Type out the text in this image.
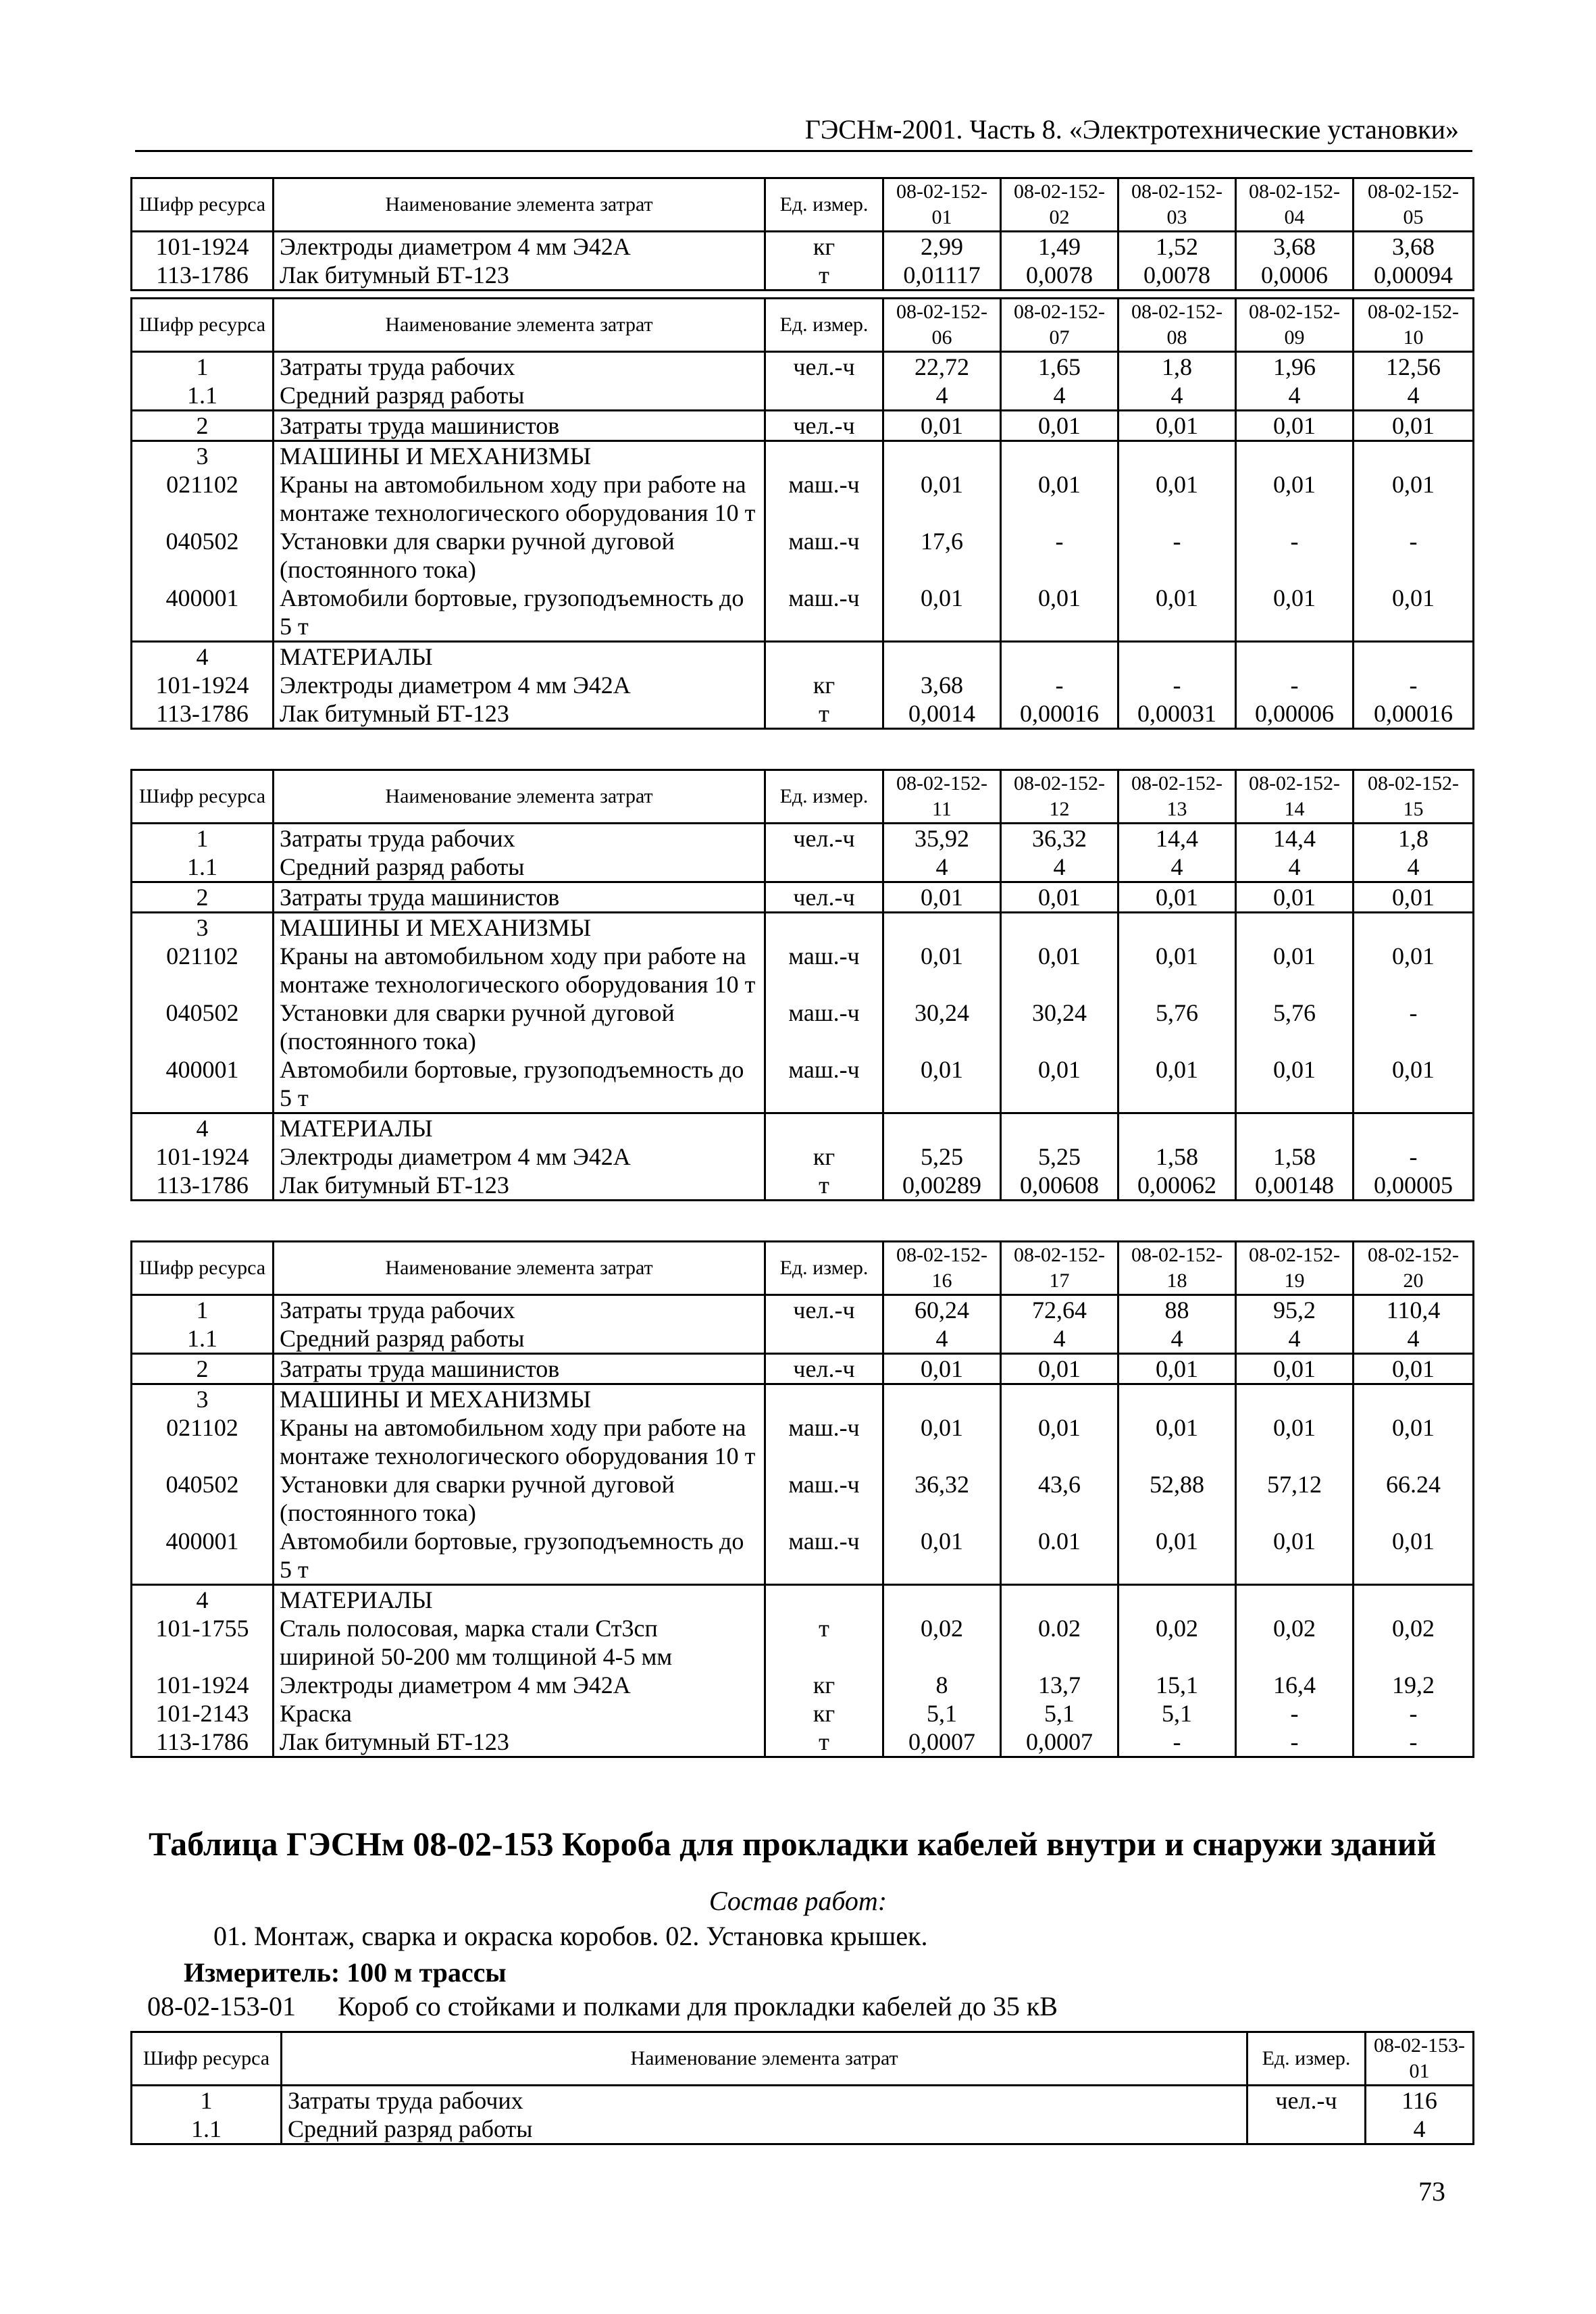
ГЭСНм-2001. Часть 8. «Электротехнические установки»
Шифр ресурса	Наименование элемента затрат	Ед. измер.	08-02-152-01	08-02-152-02	08-02-152-03	08-02-152-04	08-02-152-05
101-1924	Электроды диаметром 4 мм Э42А	кг	2,99	1,49	1,52	3,68	3,68
113-1786	Лак битумный БТ-123	т	0,01117	0,0078	0,0078	0,0006	0,00094
Шифр ресурса	Наименование элемента затрат	Ед. измер.	08-02-152-06	08-02-152-07	08-02-152-08	08-02-152-09	08-02-152-10
1	Затраты труда рабочих	чел.-ч	22,72	1,65	1,8	1,96	12,56
1.1	Средний разряд работы		4	4	4	4	4
2	Затраты труда машинистов	чел.-ч	0,01	0,01	0,01	0,01	0,01
3	МАШИНЫ И МЕХАНИЗМЫ						
021102	Краны на автомобильном ходу при работе на монтаже технологического оборудования 10 т	маш.-ч	0,01	0,01	0,01	0,01	0,01
040502	Установки для сварки ручной дуговой (постоянного тока)	маш.-ч	17,6	-	-	-	-
400001	Автомобили бортовые, грузоподъемность до 5 т	маш.-ч	0,01	0,01	0,01	0,01	0,01
4	МАТЕРИАЛЫ						
101-1924	Электроды диаметром 4 мм Э42А	кг	3,68	-	-	-	-
113-1786	Лак битумный БТ-123	т	0,0014	0,00016	0,00031	0,00006	0,00016
Шифр ресурса	Наименование элемента затрат	Ед. измер.	08-02-152-11	08-02-152-12	08-02-152-13	08-02-152-14	08-02-152-15
1	Затраты труда рабочих	чел.-ч	35,92	36,32	14,4	14,4	1,8
1.1	Средний разряд работы		4	4	4	4	4
2	Затраты труда машинистов	чел.-ч	0,01	0,01	0,01	0,01	0,01
3	МАШИНЫ И МЕХАНИЗМЫ						
021102	Краны на автомобильном ходу при работе на монтаже технологического оборудования 10 т	маш.-ч	0,01	0,01	0,01	0,01	0,01
040502	Установки для сварки ручной дуговой (постоянного тока)	маш.-ч	30,24	30,24	5,76	5,76	-
400001	Автомобили бортовые, грузоподъемность до 5 т	маш.-ч	0,01	0,01	0,01	0,01	0,01
4	МАТЕРИАЛЫ						
101-1924	Электроды диаметром 4 мм Э42А	кг	5,25	5,25	1,58	1,58	-
113-1786	Лак битумный БТ-123	т	0,00289	0,00608	0,00062	0,00148	0,00005
Шифр ресурса	Наименование элемента затрат	Ед. измер.	08-02-152-16	08-02-152-17	08-02-152-18	08-02-152-19	08-02-152-20
1	Затраты труда рабочих	чел.-ч	60,24	72,64	88	95,2	110,4
1.1	Средний разряд работы		4	4	4	4	4
2	Затраты труда машинистов	чел.-ч	0,01	0,01	0,01	0,01	0,01
3	МАШИНЫ И МЕХАНИЗМЫ						
021102	Краны на автомобильном ходу при работе на монтаже технологического оборудования 10 т	маш.-ч	0,01	0,01	0,01	0,01	0,01
040502	Установки для сварки ручной дуговой (постоянного тока)	маш.-ч	36,32	43,6	52,88	57,12	66.24
400001	Автомобили бортовые, грузоподъемность до 5 т	маш.-ч	0,01	0.01	0,01	0,01	0,01
4	МАТЕРИАЛЫ						
101-1755	Сталь полосовая, марка стали Ст3сп шириной 50-200 мм толщиной 4-5 мм	т	0,02	0.02	0,02	0,02	0,02
101-1924	Электроды диаметром 4 мм Э42А	кг	8	13,7	15,1	16,4	19,2
101-2143	Краска	кг	5,1	5,1	5,1	-	-
113-1786	Лак битумный БТ-123	т	0,0007	0,0007	-	-	-
Таблица ГЭСНм 08-02-153 Короба для прокладки кабелей внутри и снаружи зданий
Состав работ:
01. Монтаж, сварка и окраска коробов. 02. Установка крышек.
Измеритель: 100 м трассы
08-02-153-01 Короб со стойками и полками для прокладки кабелей до 35 кВ
Шифр ресурса	Наименование элемента затрат	Ед. измер.	08-02-153-01
1	Затраты труда рабочих	чел.-ч	116
1.1	Средний разряд работы		4
73
